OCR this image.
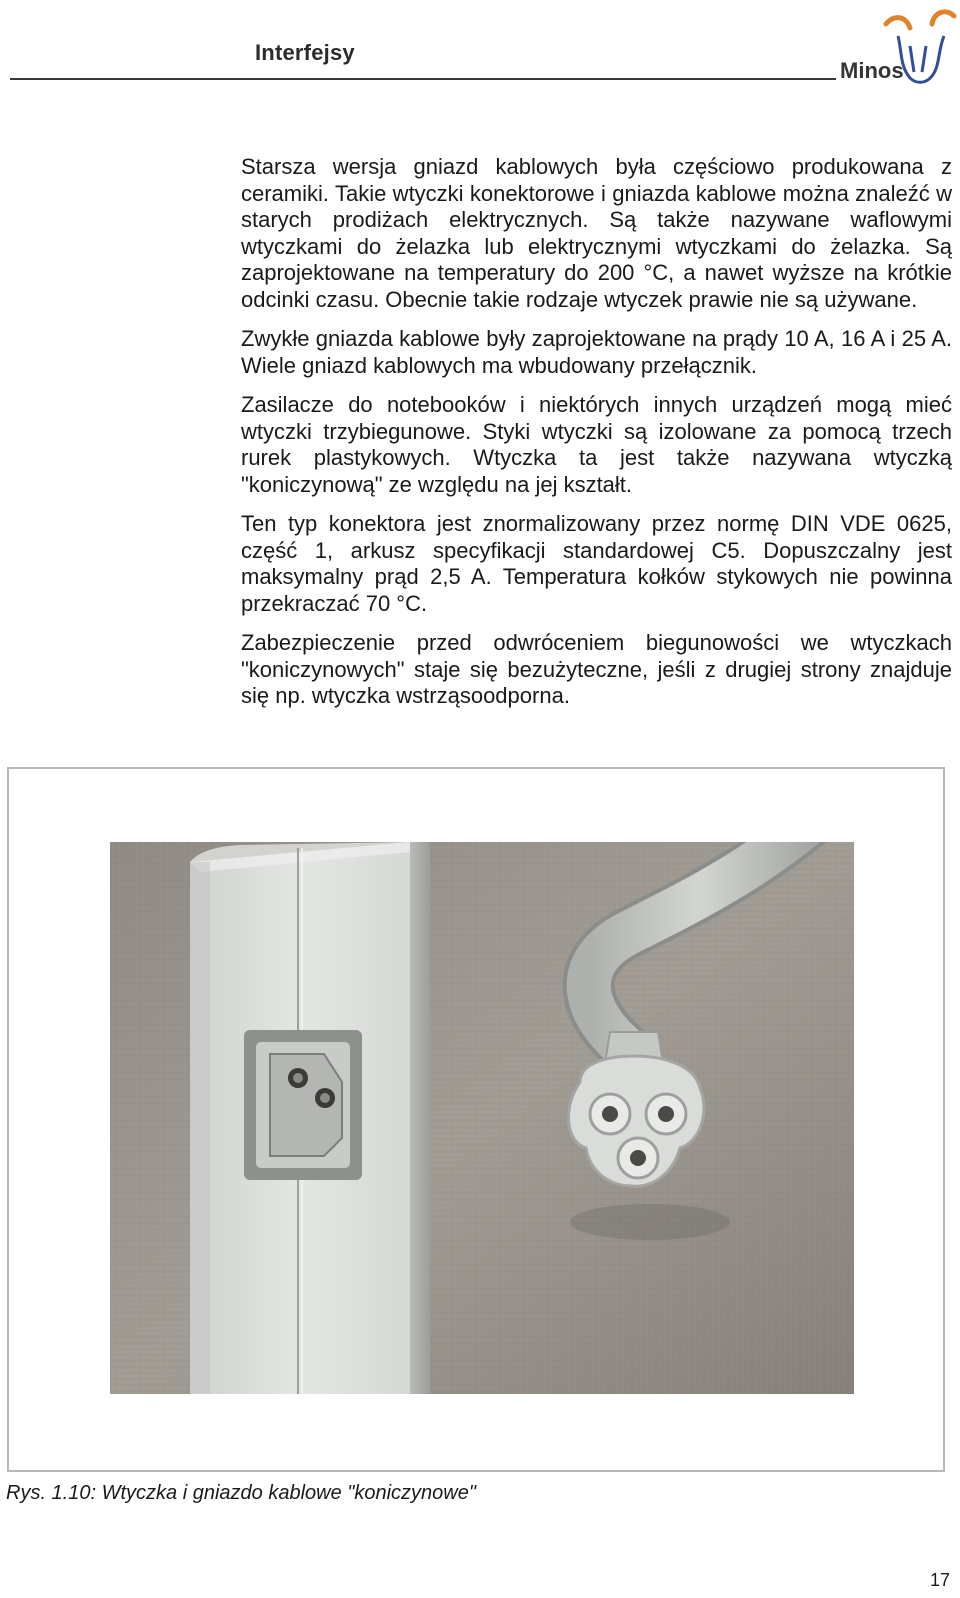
Interfejsy
Minos

Starsza wersja gniazd kablowych była częściowo produkowana z ceramiki. Takie wtyczki konektorowe i gniazda kablowe można znaleźć w starych prodiżach elektrycznych. Są także nazywane waflowymi wtyczkami do żelazka lub elektrycznymi wtyczkami do żelazka. Są zaprojektowane na temperatury do 200 °C, a nawet wyższe na krótkie odcinki czasu. Obecnie takie rodzaje wtyczek prawie nie są używane.

Zwykłe gniazda kablowe były zaprojektowane na prądy 10 A, 16 A i 25 A. Wiele gniazd kablowych ma wbudowany przełącznik.

Zasilacze do notebooków i niektórych innych urządzeń mogą mieć wtyczki trzybiegunowe. Styki wtyczki są izolowane za pomocą trzech rurek plastykowych. Wtyczka ta jest także nazywana wtyczką "koniczynową" ze względu na jej kształt.

Ten typ konektora jest znormalizowany przez normę DIN VDE 0625, część 1, arkusz specyfikacji standardowej C5. Dopuszczalny jest maksymalny prąd 2,5 A. Temperatura kołków stykowych nie powinna przekraczać 70 °C.

Zabezpieczenie przed odwróceniem biegunowości we wtyczkach "koniczynowych" staje się bezużyteczne, jeśli z drugiej strony znajduje się np. wtyczka wstrząsoodporna.

Rys. 1.10: Wtyczka i gniazdo kablowe "koniczynowe"
17
